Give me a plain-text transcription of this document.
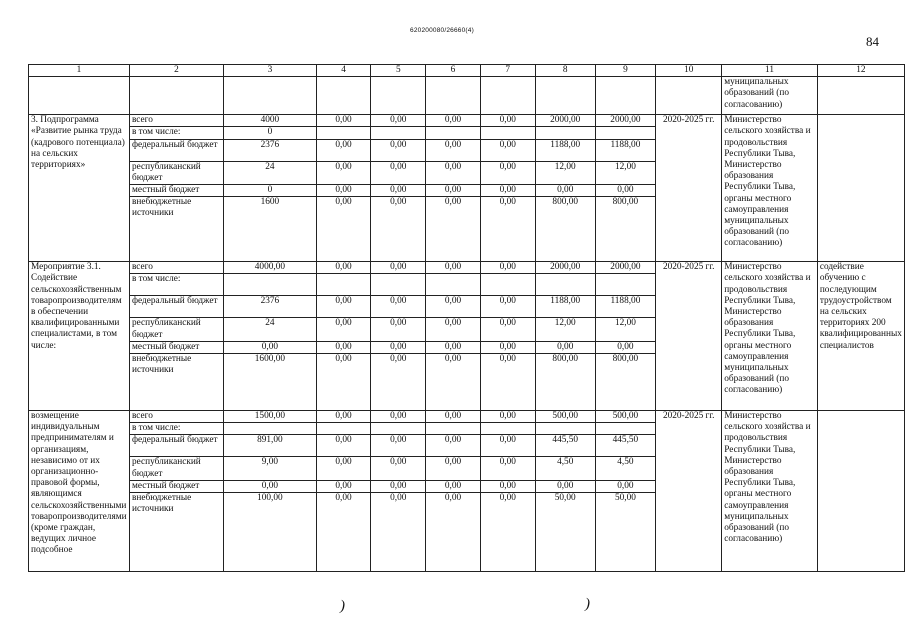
620200080/26660(4)
84
)	)
1	2	3	4	5	6	7	8	9	10	11	12
										муниципальных образований (по согласованию)	
3. Подпрограмма «Развитие рынка труда (кадрового потенциала) на сельских территориях»	всего	4000	0,00	0,00	0,00	0,00	2000,00	2000,00	2020-2025 гг.	Министерство сельского хозяйства и продовольствия Республики Тыва, Министерство образования Республики Тыва, органы местного самоуправления муниципальных образований (по согласованию)	
	в том числе:	0									
	федеральный бюджет	2376	0,00	0,00	0,00	0,00	1188,00	1188,00			
	республиканский бюджет	24	0,00	0,00	0,00	0,00	12,00	12,00			
	местный бюджет	0	0,00	0,00	0,00	0,00	0,00	0,00			
	внебюджетные источники	1600	0,00	0,00	0,00	0,00	800,00	800,00			
Мероприятие 3.1. Содействие сельскохозяйственным товаропроизводителям в обеспечении квалифицированными специалистами, в том числе:	всего	4000,00	0,00	0,00	0,00	0,00	2000,00	2000,00	2020-2025 гг.	Министерство сельского хозяйства и продовольствия Республики Тыва, Министерство образования Республики Тыва, органы местного самоуправления муниципальных образований (по согласованию)	содействие обучению с последующим трудоустройством на сельских территориях 200 квалифицированных специалистов
	в том числе:										
	федеральный бюджет	2376	0,00	0,00	0,00	0,00	1188,00	1188,00			
	республиканский бюджет	24	0,00	0,00	0,00	0,00	12,00	12,00			
	местный бюджет	0,00	0,00	0,00	0,00	0,00	0,00	0,00			
	внебюджетные источники	1600,00	0,00	0,00	0,00	0,00	800,00	800,00			
возмещение индивидуальным предпринимателям и организациям, независимо от их организационно-правовой формы, являющимся сельскохозяйственными товаропроизводителями (кроме граждан, ведущих личное подсобное	всего	1500,00	0,00	0,00	0,00	0,00	500,00	500,00	2020-2025 гг.	Министерство сельского хозяйства и продовольствия Республики Тыва, Министерство образования Республики Тыва, органы местного самоуправления муниципальных образований (по согласованию)	
	в том числе:										
	федеральный бюджет	891,00	0,00	0,00	0,00	0,00	445,50	445,50			
	республиканский бюджет	9,00	0,00	0,00	0,00	0,00	4,50	4,50			
	местный бюджет	0,00	0,00	0,00	0,00	0,00	0,00	0,00			
	внебюджетные источники	100,00	0,00	0,00	0,00	0,00	50,00	50,00			
